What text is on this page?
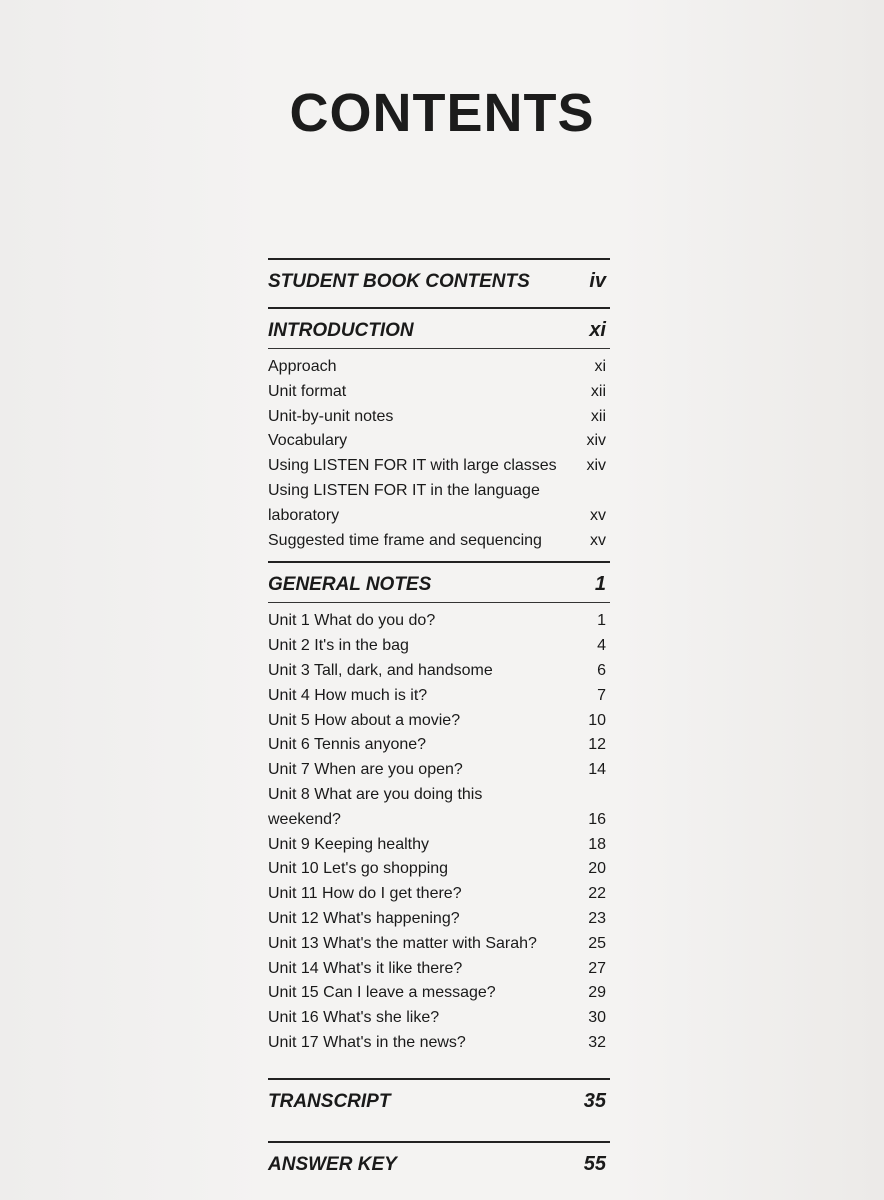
CONTENTS
STUDENT BOOK CONTENTS	iv
INTRODUCTION	xi
Approach	xi
Unit format	xii
Unit-by-unit notes	xii
Vocabulary	xiv
Using LISTEN FOR IT with large classes xiv
Using LISTEN FOR IT in the language laboratory	xv
Suggested time frame and sequencing	xv
GENERAL NOTES	1
Unit 1 What do you do?	1
Unit 2 It's in the bag	4
Unit 3 Tall, dark, and handsome	6
Unit 4 How much is it?	7
Unit 5 How about a movie?	10
Unit 6 Tennis anyone?	12
Unit 7 When are you open?	14
Unit 8 What are you doing this weekend?	16
Unit 9 Keeping healthy	18
Unit 10 Let's go shopping	20
Unit 11 How do I get there?	22
Unit 12 What's happening?	23
Unit 13 What's the matter with Sarah?	25
Unit 14 What's it like there?	27
Unit 15 Can I leave a message?	29
Unit 16 What's she like?	30
Unit 17 What's in the news?	32
TRANSCRIPT	35
ANSWER KEY	55
